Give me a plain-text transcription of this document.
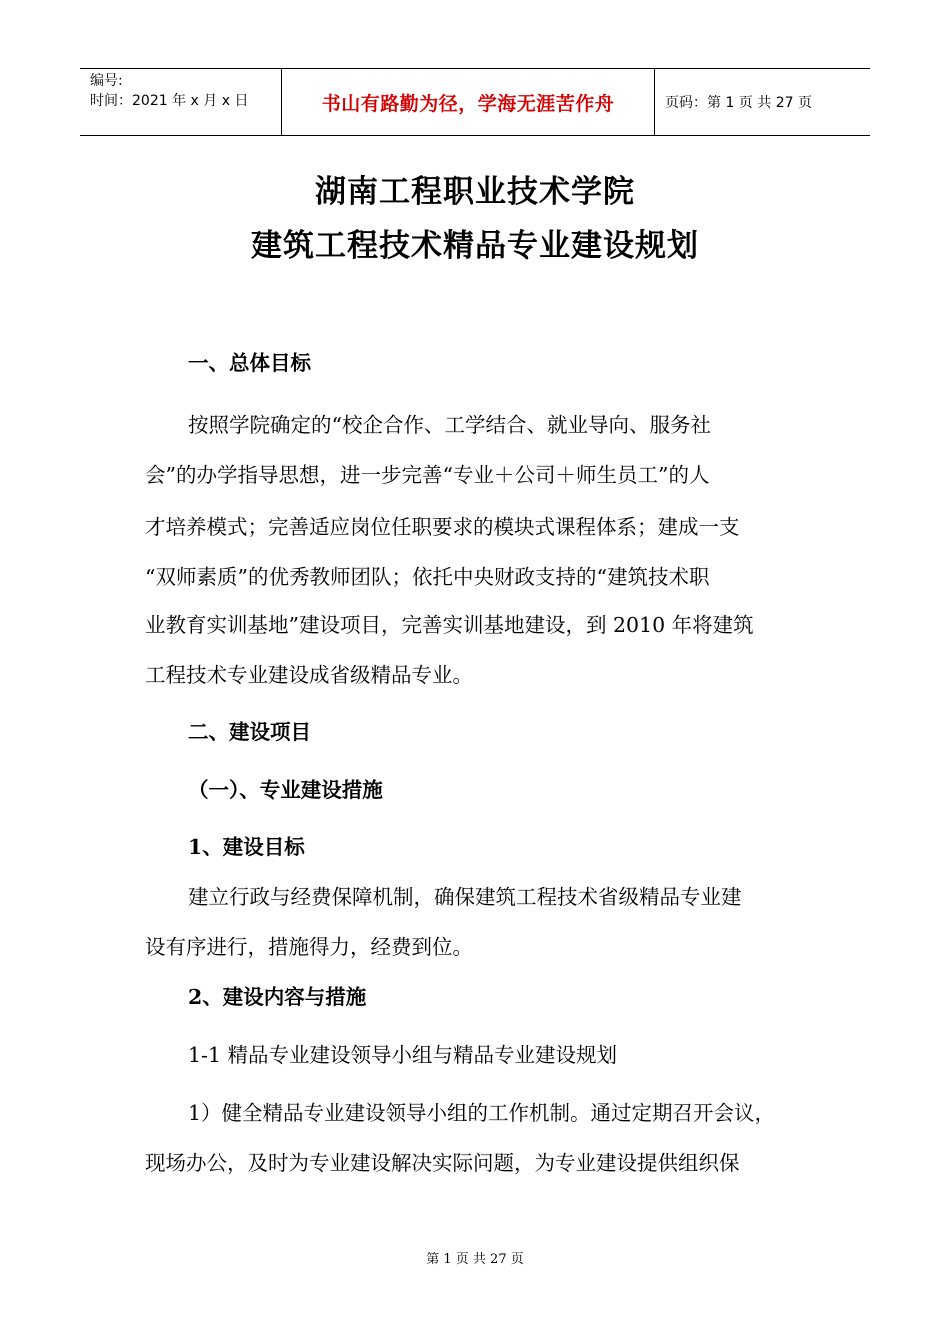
编号:
时间：2021 年 x 月 x 日	书山有路勤为径，学海无涯苦作舟	页码：第 1 页 共 27 页
湖南工程职业技术学院
建筑工程技术精品专业建设规划
一、总体目标
按照学院确定的“校企合作、工学结合、就业导向、服务社
会”的办学指导思想，进一步完善“专业＋公司＋师生员工”的人
才培养模式；完善适应岗位任职要求的模块式课程体系；建成一支
“双师素质”的优秀教师团队；依托中央财政支持的“建筑技术职
业教育实训基地”建设项目，完善实训基地建设，到 2010 年将建筑
工程技术专业建设成省级精品专业。
二、建设项目
（一）、专业建设措施
1、建设目标
建立行政与经费保障机制，确保建筑工程技术省级精品专业建
设有序进行，措施得力，经费到位。
2、建设内容与措施
1-1 精品专业建设领导小组与精品专业建设规划
1）健全精品专业建设领导小组的工作机制。通过定期召开会议，
现场办公，及时为专业建设解决实际问题，为专业建设提供组织保
第 1 页 共 27 页
